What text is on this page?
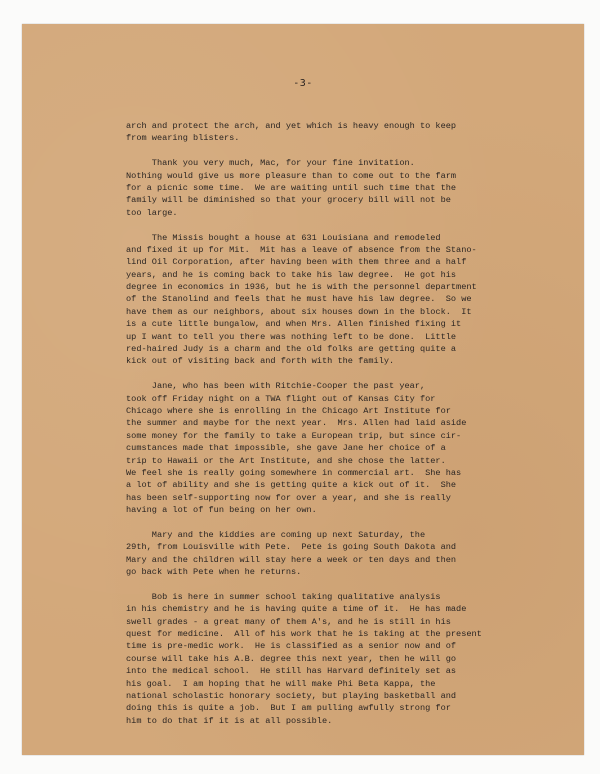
-3-
arch and protect the arch, and yet which is heavy enough to keep
from wearing blisters.
Thank you very much, Mac, for your fine invitation.
Nothing would give us more pleasure than to come out to the farm
for a picnic some time.  We are waiting until such time that the
family will be diminished so that your grocery bill will not be
too large.
The Missis bought a house at 631 Louisiana and remodeled
and fixed it up for Mit.  Mit has a leave of absence from the Stano-
lind Oil Corporation, after having been with them three and a half
years, and he is coming back to take his law degree.  He got his
degree in economics in 1936, but he is with the personnel department
of the Stanolind and feels that he must have his law degree.  So we
have them as our neighbors, about six houses down in the block.  It
is a cute little bungalow, and when Mrs. Allen finished fixing it
up I want to tell you there was nothing left to be done.  Little
red-haired Judy is a charm and the old folks are getting quite a
kick out of visiting back and forth with the family.
Jane, who has been with Ritchie-Cooper the past year,
took off Friday night on a TWA flight out of Kansas City for
Chicago where she is enrolling in the Chicago Art Institute for
the summer and maybe for the next year.  Mrs. Allen had laid aside
some money for the family to take a European trip, but since cir-
cumstances made that impossible, she gave Jane her choice of a
trip to Hawaii or the Art Institute, and she chose the latter.
We feel she is really going somewhere in commercial art.  She has
a lot of ability and she is getting quite a kick out of it.  She
has been self-supporting now for over a year, and she is really
having a lot of fun being on her own.
Mary and the kiddies are coming up next Saturday, the
29th, from Louisville with Pete.  Pete is going South Dakota and
Mary and the children will stay here a week or ten days and then
go back with Pete when he returns.
Bob is here in summer school taking qualitative analysis
in his chemistry and he is having quite a time of it.  He has made
swell grades - a great many of them A's, and he is still in his
quest for medicine.  All of his work that he is taking at the present
time is pre-medic work.  He is classified as a senior now and of
course will take his A.B. degree this next year, then he will go
into the medical school.  He still has Harvard definitely set as
his goal.  I am hoping that he will make Phi Beta Kappa, the
national scholastic honorary society, but playing basketball and
doing this is quite a job.  But I am pulling awfully strong for
him to do that if it is at all possible.
